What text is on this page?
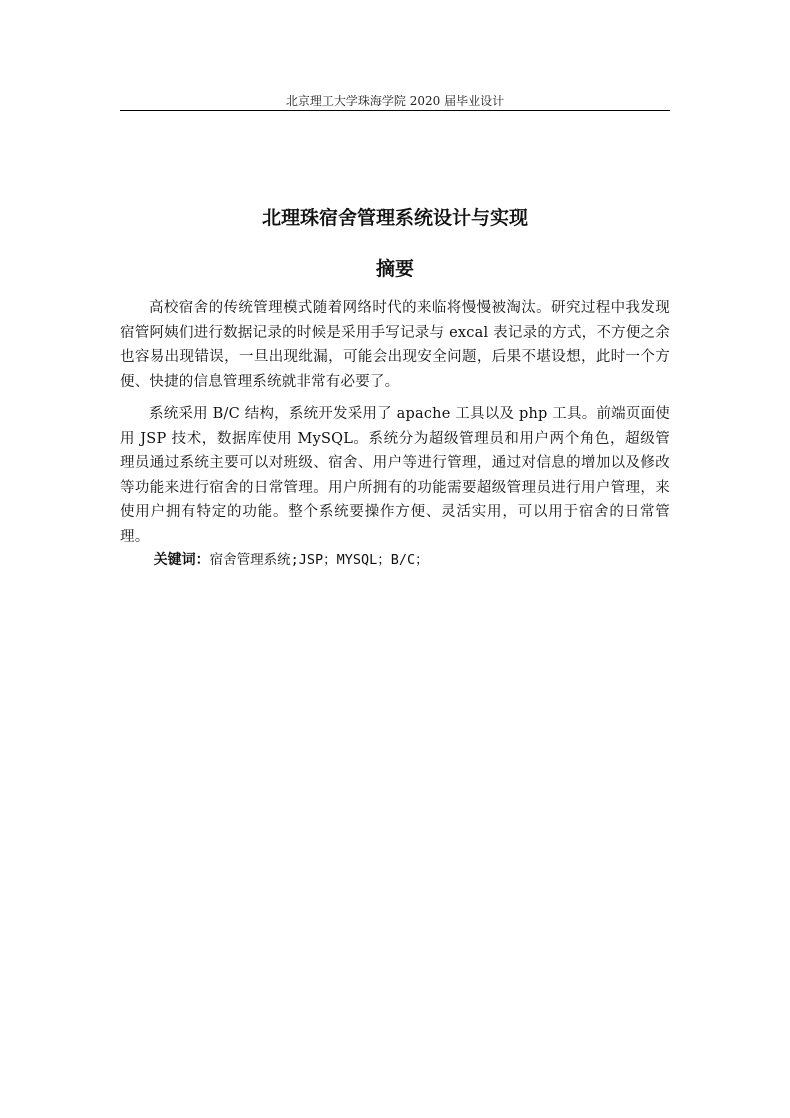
北京理工大学珠海学院 2020 届毕业设计
北理珠宿舍管理系统设计与实现
摘要

高校宿舍的传统管理模式随着网络时代的来临将慢慢被淘汰。研究过程中我发现宿管阿姨们进行数据记录的时候是采用手写记录与 excal 表记录的方式，不方便之余也容易出现错误，一旦出现纰漏，可能会出现安全问题，后果不堪设想，此时一个方便、快捷的信息管理系统就非常有必要了。

系统采用 B/C 结构，系统开发采用了 apache 工具以及 php 工具。前端页面使用 JSP 技术，数据库使用 MySQL。系统分为超级管理员和用户两个角色，超级管理员通过系统主要可以对班级、宿舍、用户等进行管理，通过对信息的增加以及修改等功能来进行宿舍的日常管理。用户所拥有的功能需要超级管理员进行用户管理，来使用户拥有特定的功能。整个系统要操作方便、灵活实用，可以用于宿舍的日常管理。

关键词：宿舍管理系统;JSP；MYSQL；B/C；
